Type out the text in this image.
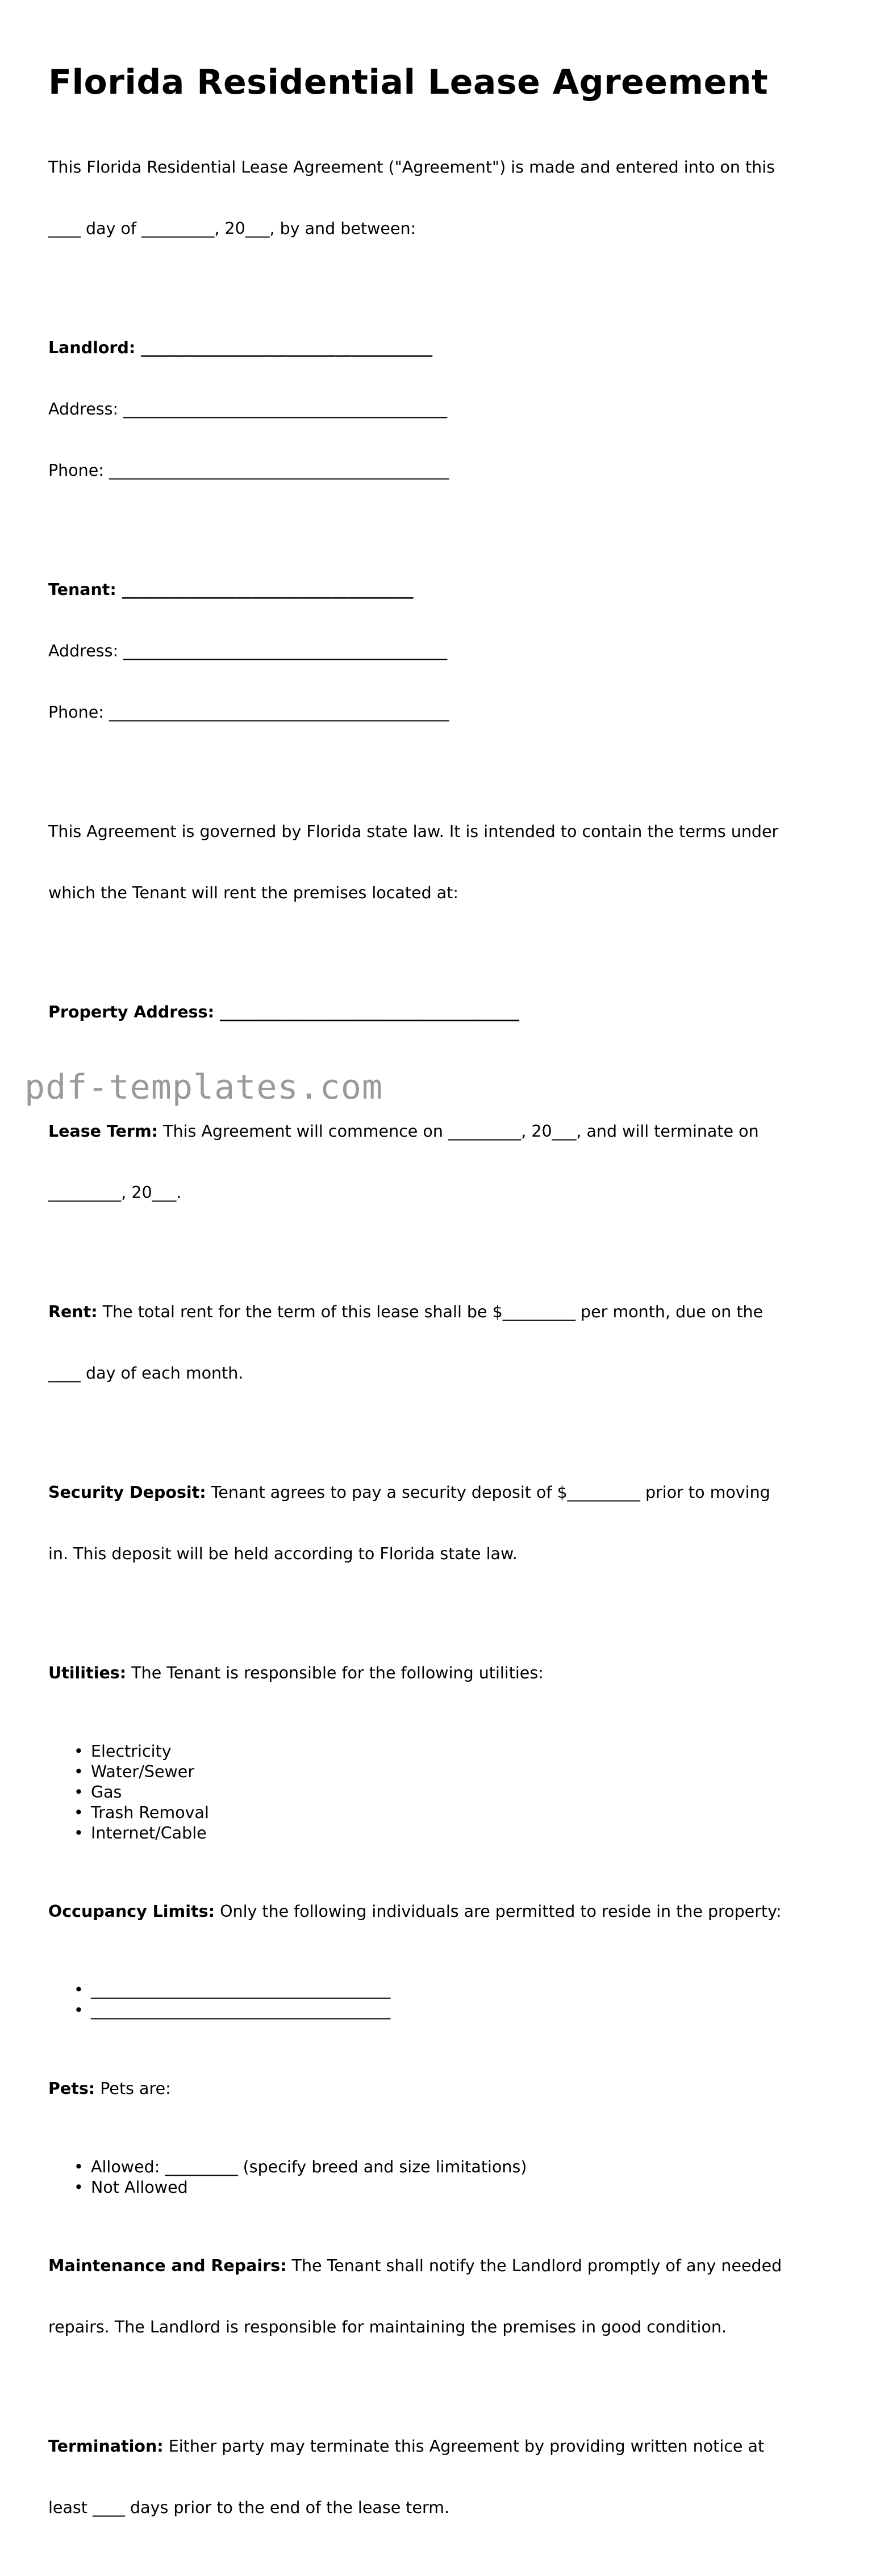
Florida Residential Lease Agreement

This Florida Residential Lease Agreement ("Agreement") is made and entered into on this

____ day of _________, 20___, by and between:

Landlord: ____________________________________

Address: ________________________________________

Phone: __________________________________________

Tenant: ____________________________________

Address: ________________________________________

Phone: __________________________________________

This Agreement is governed by Florida state law. It is intended to contain the terms under

which the Tenant will rent the premises located at:

Property Address: _____________________________________

Lease Term: This Agreement will commence on _________, 20___, and will terminate on

_________, 20___.

Rent: The total rent for the term of this lease shall be $_________ per month, due on the

____ day of each month.

Security Deposit: Tenant agrees to pay a security deposit of $_________ prior to moving

in. This deposit will be held according to Florida state law.

Utilities: The Tenant is responsible for the following utilities:

• Electricity
• Water/Sewer
• Gas
• Trash Removal
• Internet/Cable

Occupancy Limits: Only the following individuals are permitted to reside in the property:

• _____________________________________
• _____________________________________

Pets: Pets are:

• Allowed: _________ (specify breed and size limitations)
• Not Allowed

Maintenance and Repairs: The Tenant shall notify the Landlord promptly of any needed

repairs. The Landlord is responsible for maintaining the premises in good condition.

Termination: Either party may terminate this Agreement by providing written notice at

least ____ days prior to the end of the lease term.

pdf-templates.com
